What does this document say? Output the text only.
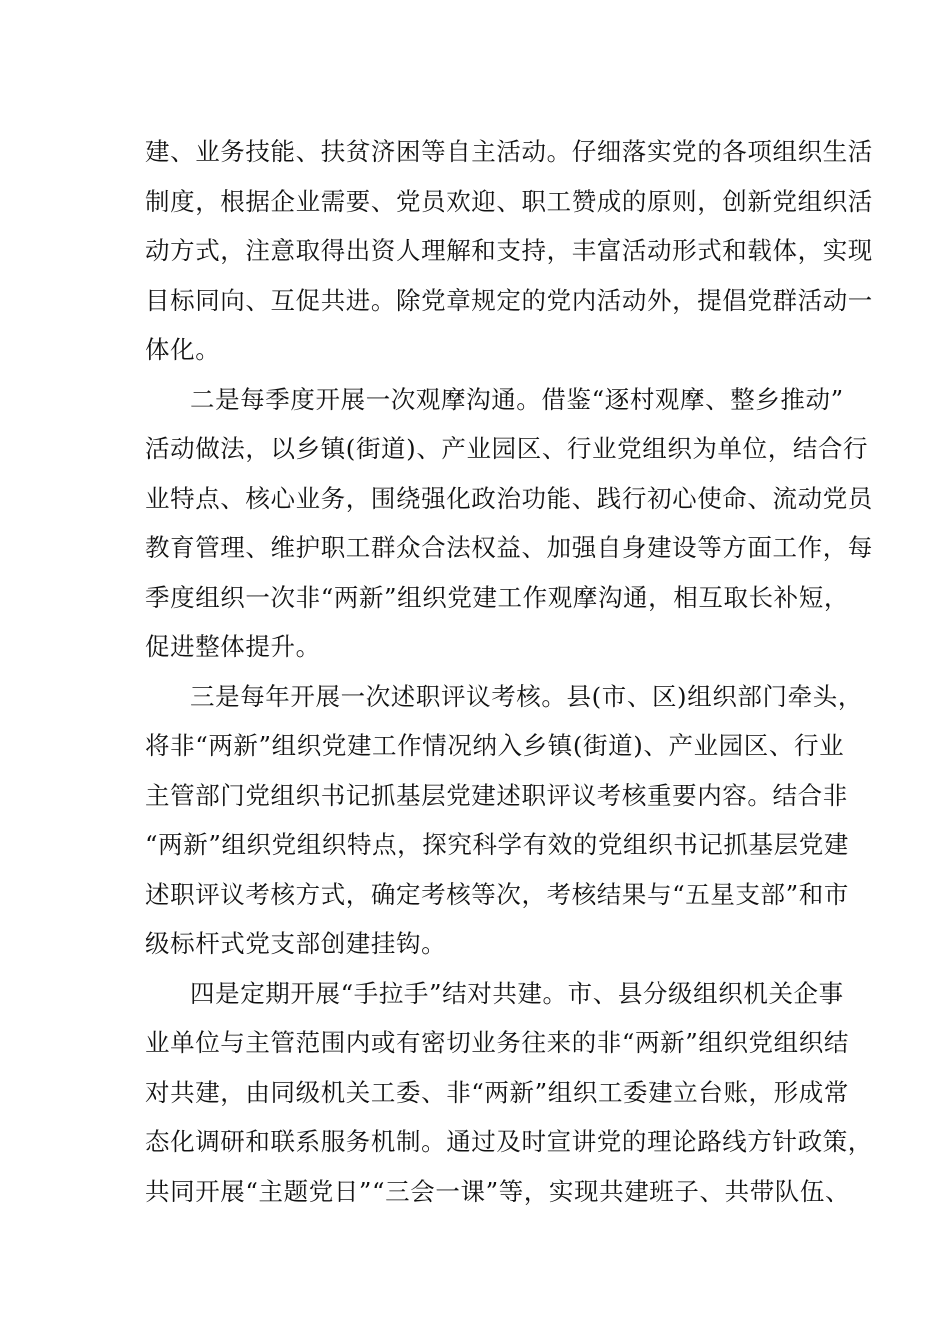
建、业务技能、扶贫济困等自主活动。仔细落实党的各项组织生活
制度，根据企业需要、党员欢迎、职工赞成的原则，创新党组织活
动方式，注意取得出资人理解和支持，丰富活动形式和载体，实现
目标同向、互促共进。除党章规定的党内活动外，提倡党群活动一
体化。
二是每季度开展一次观摩沟通。借鉴“逐村观摩、整乡推动”
活动做法，以乡镇(街道)、产业园区、行业党组织为单位，结合行
业特点、核心业务，围绕强化政治功能、践行初心使命、流动党员
教育管理、维护职工群众合法权益、加强自身建设等方面工作，每
季度组织一次非“两新”组织党建工作观摩沟通，相互取长补短，
促进整体提升。
三是每年开展一次述职评议考核。县(市、区)组织部门牵头，
将非“两新”组织党建工作情况纳入乡镇(街道)、产业园区、行业
主管部门党组织书记抓基层党建述职评议考核重要内容。结合非
“两新”组织党组织特点，探究科学有效的党组织书记抓基层党建
述职评议考核方式，确定考核等次，考核结果与“五星支部”和市
级标杆式党支部创建挂钩。
四是定期开展“手拉手”结对共建。市、县分级组织机关企事
业单位与主管范围内或有密切业务往来的非“两新”组织党组织结
对共建，由同级机关工委、非“两新”组织工委建立台账，形成常
态化调研和联系服务机制。通过及时宣讲党的理论路线方针政策，
共同开展“主题党日”“三会一课”等，实现共建班子、共带队伍、
